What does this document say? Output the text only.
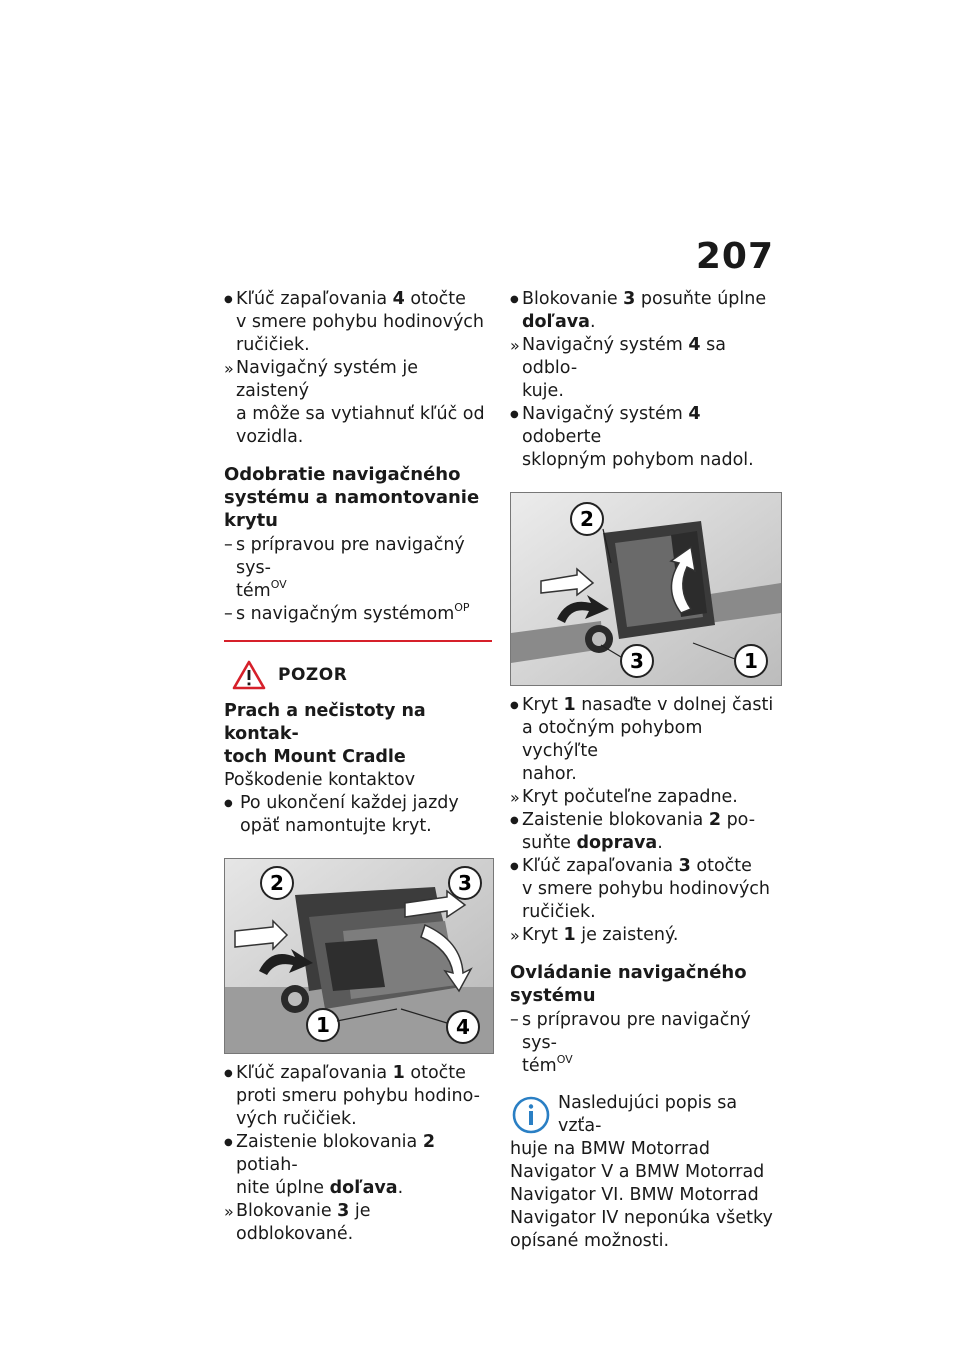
207
● Kľúč zapaľovania 4 otočte
v smere pohybu hodinových
ručičiek.
» Navigačný systém je zaistený
a môže sa vytiahnuť kľúč od
vozidla.
Odobratie navigačného
systému a namontovanie
krytu
– s prípravou pre navigačný sys-
tém$^{OV}$
– s navigačným systémom$^{OP}$
POZOR
Prach a nečistoty na kontak-
toch Mount Cradle
Poškodenie kontaktov
● Po ukončení každej jazdy
opäť namontujte kryt.
2	3
1	4
● Kľúč zapaľovania 1 otočte
proti smeru pohybu hodino-
vých ručičiek.
● Zaistenie blokovania 2 potiah-
nite úplne doľava.
» Blokovanie 3 je odblokované.
● Blokovanie 3 posuňte úplne
doľava.
» Navigačný systém 4 sa odblo-
kuje.
● Navigačný systém 4 odoberte
sklopným pohybom nadol.
2
3	1
● Kryt 1 nasaďte v dolnej časti
a otočným pohybom vychýľte
nahor.
» Kryt počuteľne zapadne.
● Zaistenie blokovania 2 po-
suňte doprava.
● Kľúč zapaľovania 3 otočte
v smere pohybu hodinových
ručičiek.
» Kryt 1 je zaistený.
Ovládanie navigačného
systému
– s prípravou pre navigačný sys-
tém$^{OV}$
Nasledujúci popis sa vzťa-
huje na BMW Motorrad
Navigator V a BMW Motorrad
Navigator VI. BMW Motorrad
Navigator IV neponúka všetky
opísané možnosti.
